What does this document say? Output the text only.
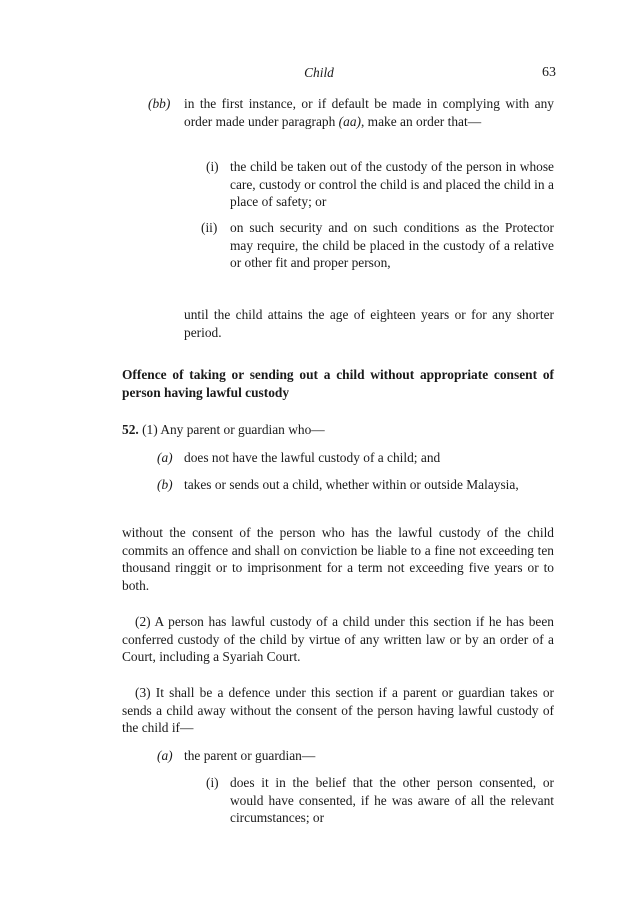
Child	63
(bb) in the first instance, or if default be made in complying with any order made under paragraph (aa), make an order that—
(i) the child be taken out of the custody of the person in whose care, custody or control the child is and placed the child in a place of safety; or
(ii) on such security and on such conditions as the Protector may require, the child be placed in the custody of a relative or other fit and proper person,
until the child attains the age of eighteen years or for any shorter period.
Offence of taking or sending out a child without appropriate consent of person having lawful custody
52. (1) Any parent or guardian who—
(a) does not have the lawful custody of a child; and
(b) takes or sends out a child, whether within or outside Malaysia,
without the consent of the person who has the lawful custody of the child commits an offence and shall on conviction be liable to a fine not exceeding ten thousand ringgit or to imprisonment for a term not exceeding five years or to both.
(2) A person has lawful custody of a child under this section if he has been conferred custody of the child by virtue of any written law or by an order of a Court, including a Syariah Court.
(3) It shall be a defence under this section if a parent or guardian takes or sends a child away without the consent of the person having lawful custody of the child if—
(a) the parent or guardian—
(i) does it in the belief that the other person consented, or would have consented, if he was aware of all the relevant circumstances; or
